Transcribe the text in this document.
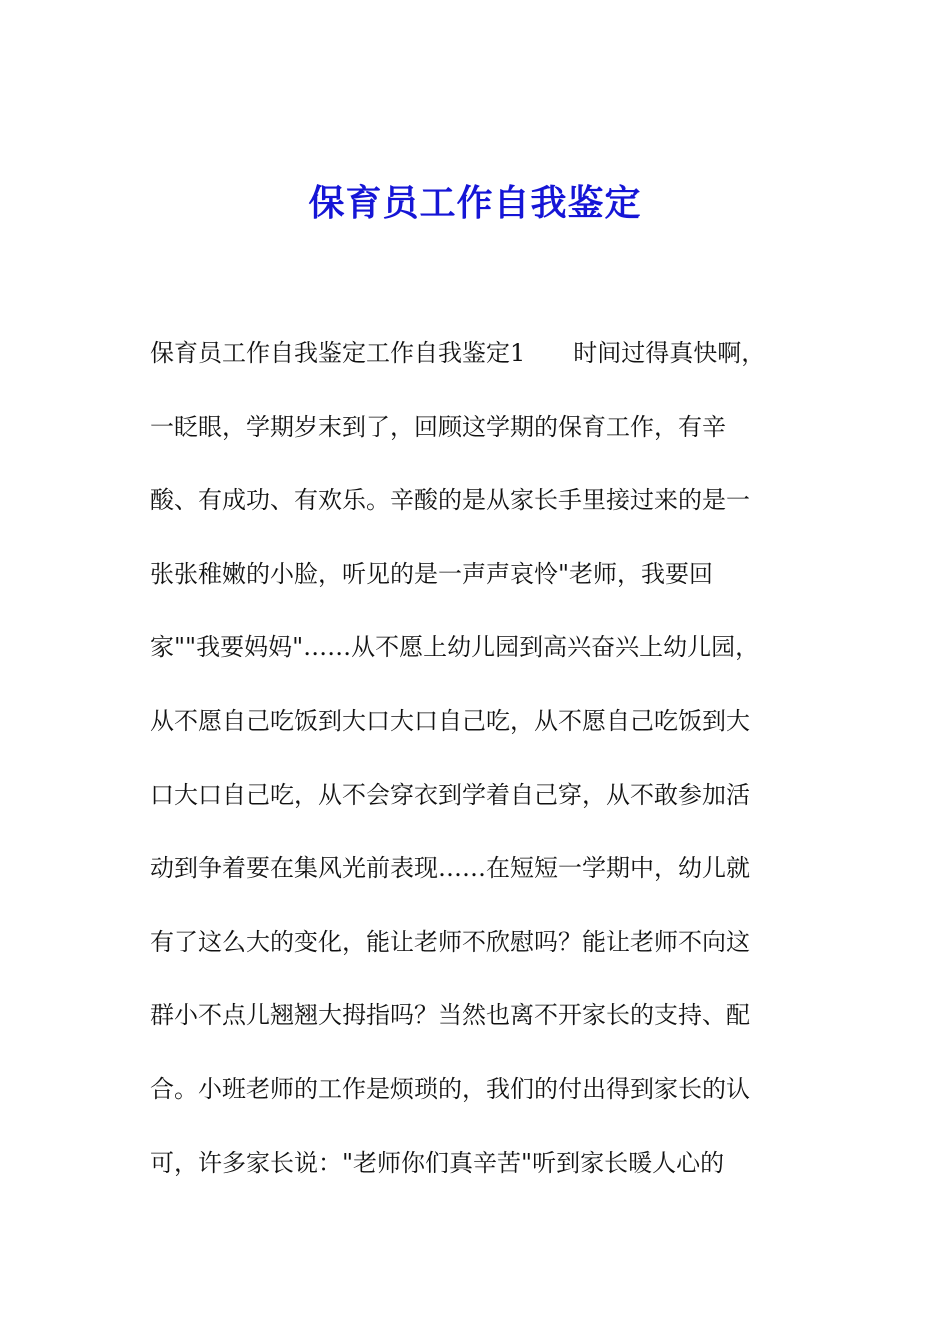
保育员工作自我鉴定
保育员工作自我鉴定工作自我鉴定1　　时间过得真快啊，
一眨眼，学期岁末到了，回顾这学期的保育工作，有辛
酸、有成功、有欢乐。辛酸的是从家长手里接过来的是一
张张稚嫩的小脸，听见的是一声声哀怜"老师，我要回
家""我要妈妈"……从不愿上幼儿园到高兴奋兴上幼儿园，
从不愿自己吃饭到大口大口自己吃，从不愿自己吃饭到大
口大口自己吃，从不会穿衣到学着自己穿，从不敢参加活
动到争着要在集风光前表现……在短短一学期中，幼儿就
有了这么大的变化，能让老师不欣慰吗？能让老师不向这
群小不点儿翘翘大拇指吗？当然也离不开家长的支持、配
合。小班老师的工作是烦琐的，我们的付出得到家长的认
可，许多家长说："老师你们真辛苦"听到家长暖人心的
